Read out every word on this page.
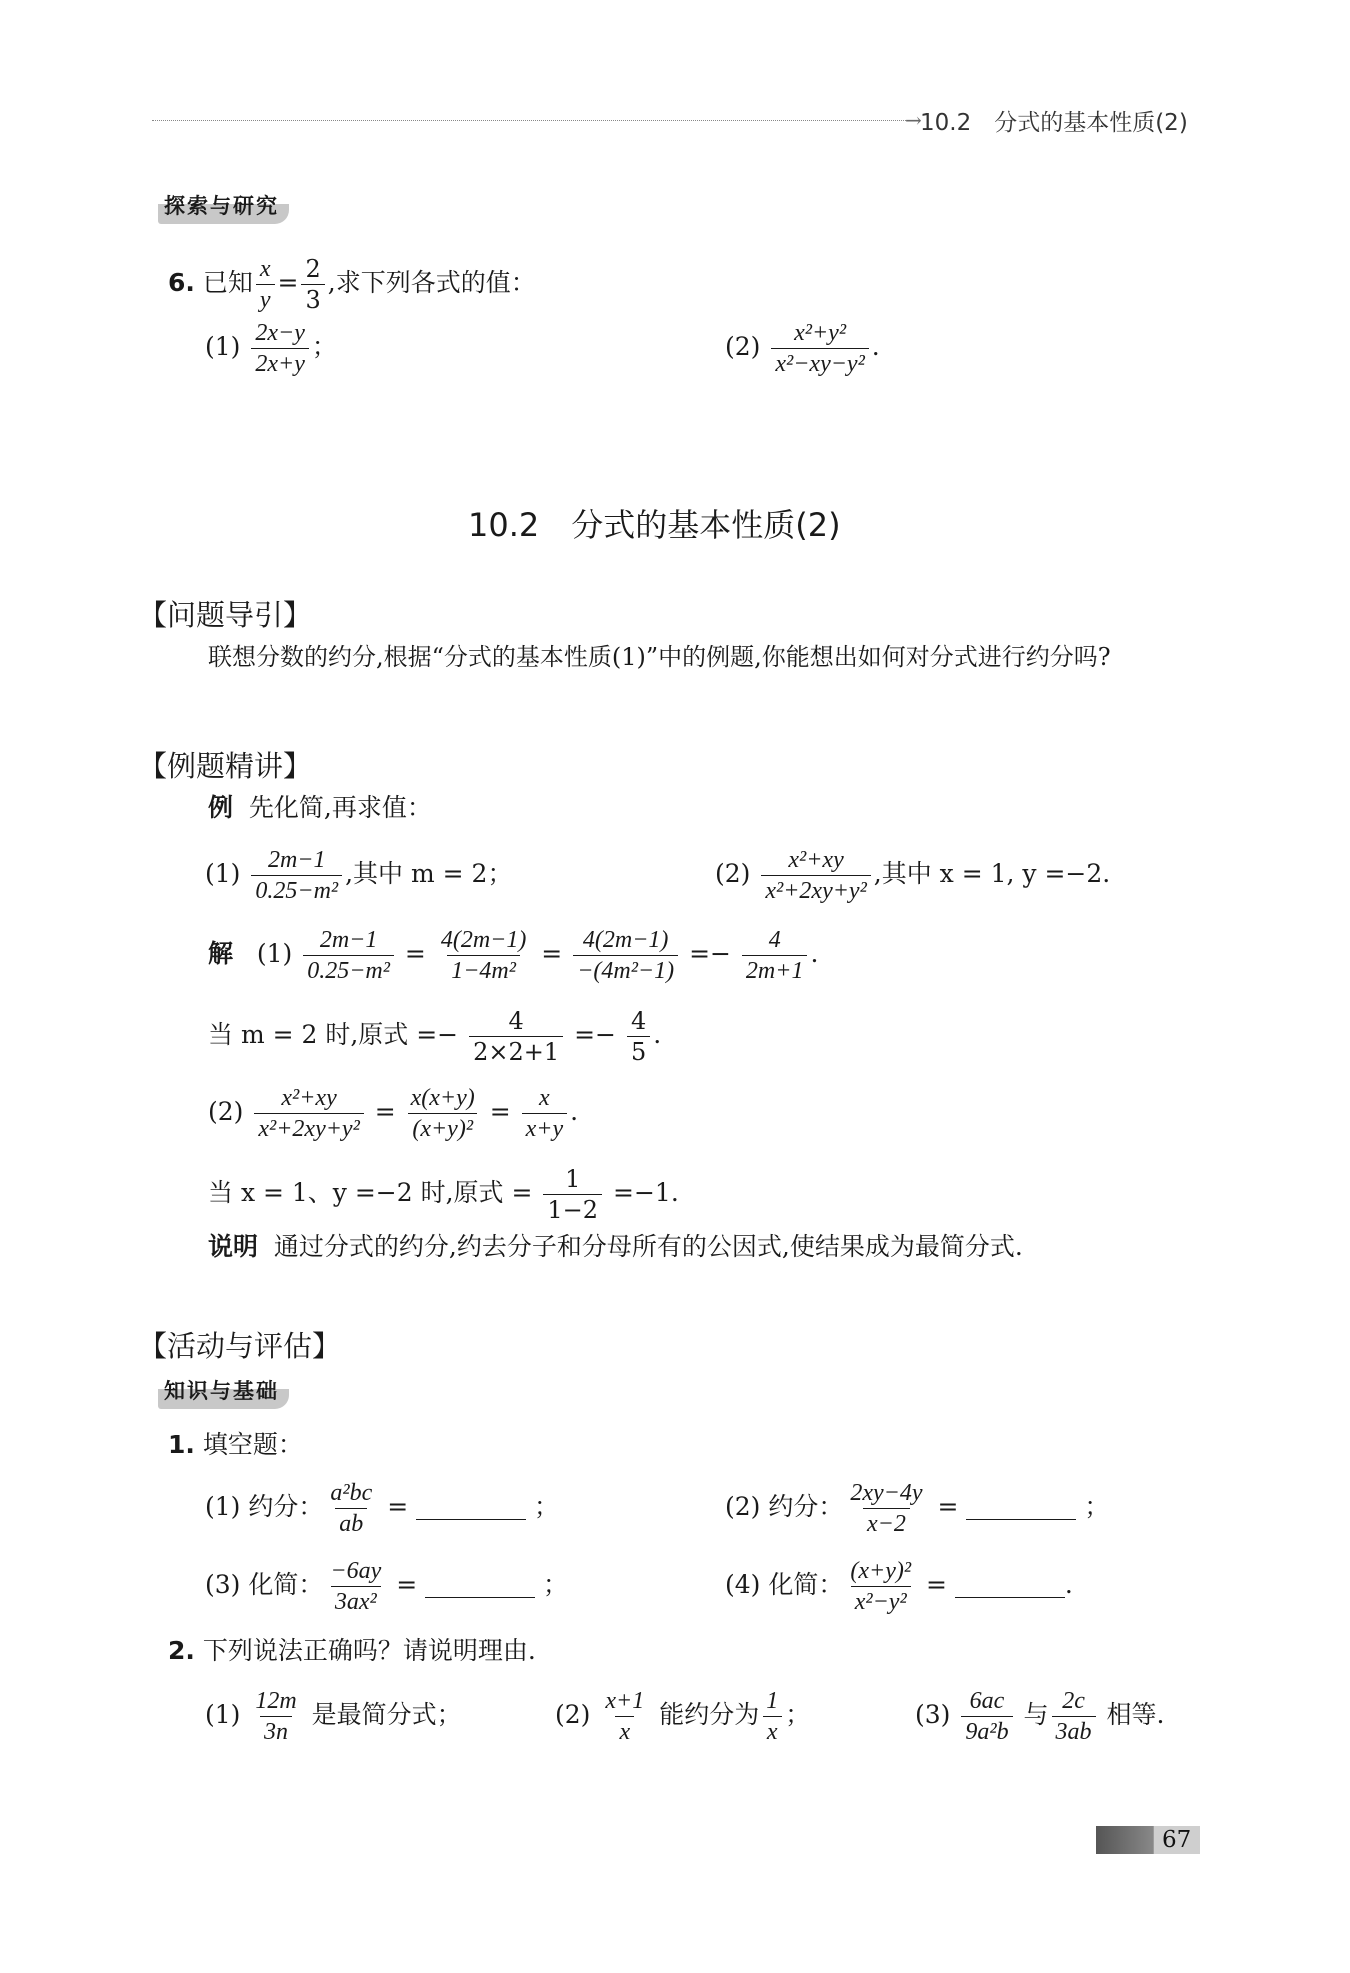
→
10.2　分式的基本性质(2)
探索与研究
6. 已知 $\frac{x}{y} = \frac{2}{3}$ ,求下列各式的值：
$(1) \frac{2x-y}{2x+y}$ ；	$(2) \frac{\text{x²+y²}}{\text{x²−xy−y²}}$ .
10.2　分式的基本性质(2)
【问题导引】
联想分数的约分,根据“分式的基本性质(1)”中的例题,你能想出如何对分式进行约分吗?
【例题精讲】
例 先化简,再求值：
$(1) \frac{2m-1}{\text{0.25−m²}}$ ,其中 m = 2；	$(2) \frac{\text{x²+xy}}{\text{x²+2xy+y²}}$ ,其中 x = 1, y =−2.
解 $(1) \frac{2m-1}{\text{0.25−m²}} = \frac{4(2m-1)}{\text{1−4m²}} = \frac{4(2m-1)}{\text{−(4m²−1)}} =- \frac{4}{2m+1}$ .
当 m = 2 时,原式 =− $\frac{4}{2\times 2+1} =- \frac{4}{5}$ .
$(2) \frac{\text{x²+xy}}{\text{x²+2xy+y²}} = \frac{x(x+y)}{\text{(x+y)²}} = \frac{x}{x+y}$ .
当 x = 1、y =−2 时,原式 = $\frac{1}{1-2} =-1$.
说明 通过分式的约分,约去分子和分母所有的公因式,使结果成为最简分式.
【活动与评估】
知识与基础
1. 填空题：
(1) 约分： $\frac{\text{a²bc}}{ab}$ =	；	(2) 约分： $\frac{2xy-4y}{x-2}$ =	；
(3) 化简： $\frac{-6ay}{\text{3ax²}}$ =	；	(4) 化简： $\frac{\text{(x+y)²}}{\text{x²−y²}}$ =	.
2. 下列说法正确吗？请说明理由.
$(1) \frac{12m}{3n}$ 是最简分式；	$(2) \frac{x+1}{x}$ 能约分为 $\frac{1}{x}$ ；	$(3) \frac{6ac}{\text{9a²b}}$ 与 $\frac{2c}{3ab}$ 相等.
67
